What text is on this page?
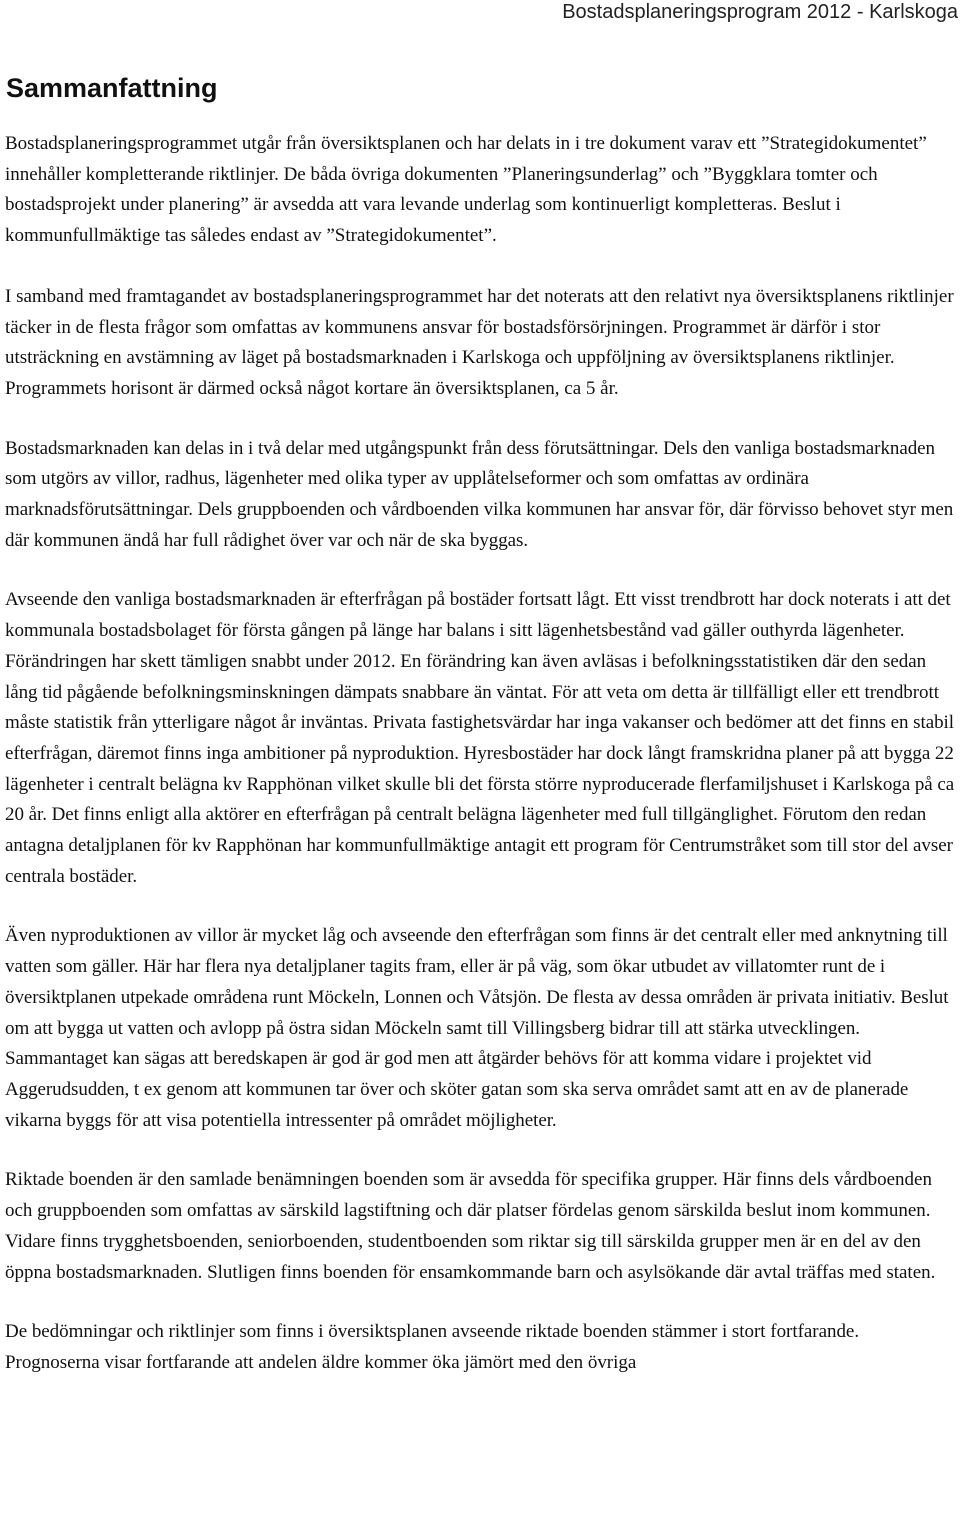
Bostadsplaneringsprogram 2012 - Karlskoga
Sammanfattning

Bostadsplaneringsprogrammet utgår från översiktsplanen och har delats in i tre dokument varav ett ”Strategidokumentet” innehåller kompletterande riktlinjer. De båda övriga dokumenten ”Planeringsunderlag” och ”Byggklara tomter och bostadsprojekt under planering” är avsedda att vara levande underlag som kontinuerligt kompletteras. Beslut i kommunfullmäktige tas således endast av ”Strategidokumentet”.

I samband med framtagandet av bostadsplaneringsprogrammet har det noterats att den relativt nya översiktsplanens riktlinjer täcker in de flesta frågor som omfattas av kommunens ansvar för bostadsförsörjningen. Programmet är därför i stor utsträckning en avstämning av läget på bostadsmarknaden i Karlskoga och uppföljning av översiktsplanens riktlinjer. Programmets horisont är därmed också något kortare än översiktsplanen, ca 5 år.

Bostadsmarknaden kan delas in i två delar med utgångspunkt från dess förutsättningar. Dels den vanliga bostadsmarknaden som utgörs av villor, radhus, lägenheter med olika typer av upplåtelseformer och som omfattas av ordinära marknadsförutsättningar. Dels gruppboenden och vårdboenden vilka kommunen har ansvar för, där förvisso behovet styr men där kommunen ändå har full rådighet över var och när de ska byggas.

Avseende den vanliga bostadsmarknaden är efterfrågan på bostäder fortsatt lågt. Ett visst trendbrott har dock noterats i att det kommunala bostadsbolaget för första gången på länge har balans i sitt lägenhetsbestånd vad gäller outhyrda lägenheter. Förändringen har skett tämligen snabbt under 2012. En förändring kan även avläsas i befolkningsstatistiken där den sedan lång tid pågående befolkningsminskningen dämpats snabbare än väntat. För att veta om detta är tillfälligt eller ett trendbrott måste statistik från ytterligare något år inväntas. Privata fastighetsvärdar har inga vakanser och bedömer att det finns en stabil efterfrågan, däremot finns inga ambitioner på nyproduktion. Hyresbostäder har dock långt framskridna planer på att bygga 22 lägenheter i centralt belägna kv Rapphönan vilket skulle bli det första större nyproducerade flerfamiljshuset i Karlskoga på ca 20 år. Det finns enligt alla aktörer en efterfrågan på centralt belägna lägenheter med full tillgänglighet. Förutom den redan antagna detaljplanen för kv Rapphönan har kommunfullmäktige antagit ett program för Centrumstråket som till stor del avser centrala bostäder.

Även nyproduktionen av villor är mycket låg och avseende den efterfrågan som finns är det centralt eller med anknytning till vatten som gäller. Här har flera nya detaljplaner tagits fram, eller är på väg, som ökar utbudet av villatomter runt de i översiktplanen utpekade områdena runt Möckeln, Lonnen och Våtsjön. De flesta av dessa områden är privata initiativ. Beslut om att bygga ut vatten och avlopp på östra sidan Möckeln samt till Villingsberg bidrar till att stärka utvecklingen. Sammantaget kan sägas att beredskapen är god är god men att åtgärder behövs för att komma vidare i projektet vid Aggerudsudden, t ex genom att kommunen tar över och sköter gatan som ska serva området samt att en av de planerade vikarna byggs för att visa potentiella intressenter på området möjligheter.

Riktade boenden är den samlade benämningen boenden som är avsedda för specifika grupper. Här finns dels vårdboenden och gruppboenden som omfattas av särskild lagstiftning och där platser fördelas genom särskilda beslut inom kommunen. Vidare finns trygghetsboenden, seniorboenden, studentboenden som riktar sig till särskilda grupper men är en del av den öppna bostadsmarknaden. Slutligen finns boenden för ensamkommande barn och asylsökande där avtal träffas med staten.

De bedömningar och riktlinjer som finns i översiktsplanen avseende riktade boenden stämmer i stort fortfarande. Prognoserna visar fortfarande att andelen äldre kommer öka jämört med den övriga
